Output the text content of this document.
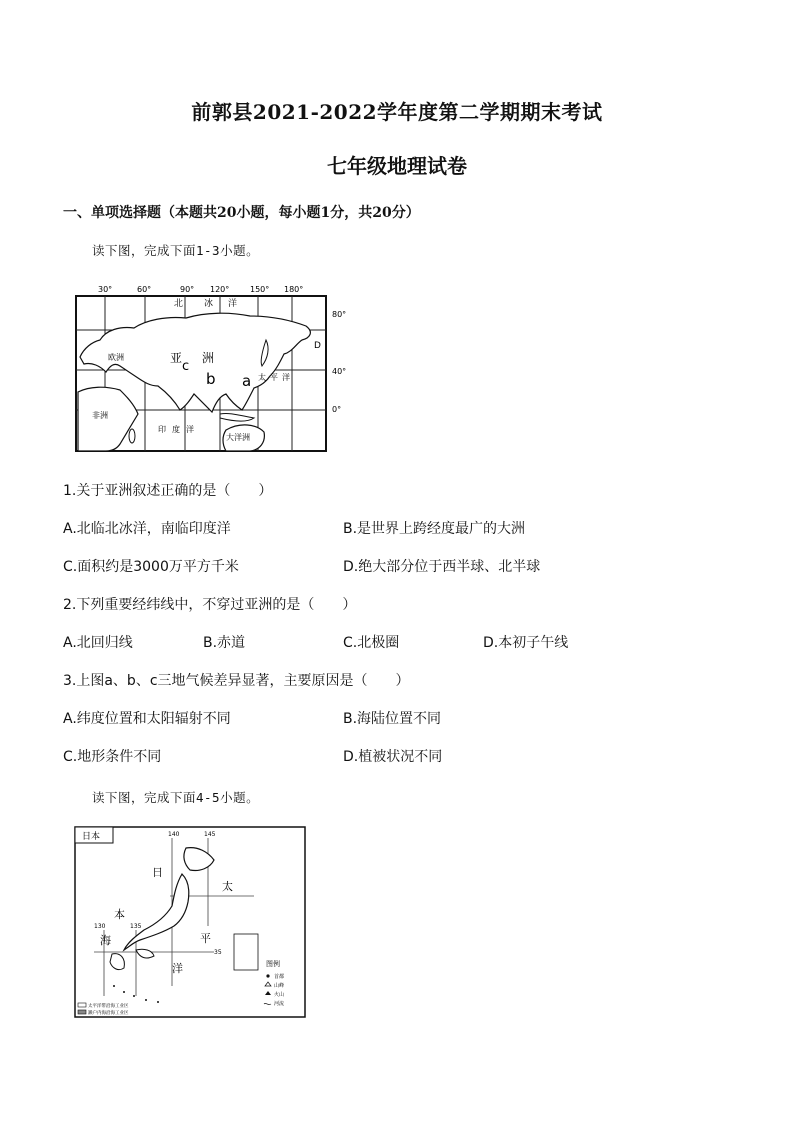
前郭县2021-2022学年度第二学期期末考试
七年级地理试卷
一、单项选择题（本题共20小题，每小题1分，共20分）
读下图，完成下面1-3小题。
30°	60°	90° 120°	150° 180°
80°
40°
0°
北 冰 洋
欧洲	亚 洲
c
b a
D
太 平 洋
非洲
印 度 洋
大洋洲
1.关于亚洲叙述正确的是（　　）
A.北临北冰洋，南临印度洋	B.是世界上跨经度最广的大洲
C.面积约是3000万平方千米	D.绝大部分位于西半球、北半球
2.下列重要经纬线中，不穿过亚洲的是（　　）
A.北回归线	B.赤道	C.北极圈	D.本初子午线
3.上图a、b、c三地气候差异显著，主要原因是（　　）
A.纬度位置和太阳辐射不同	B.海陆位置不同
C.地形条件不同	D.植被状况不同
读下图，完成下面4-5小题。
日本	140	145
130	135
35
日
本
海
太
平
洋	图例
首都
山峰
火山
河流
太平洋带沿海工业区
濑户内海沿海工业区
